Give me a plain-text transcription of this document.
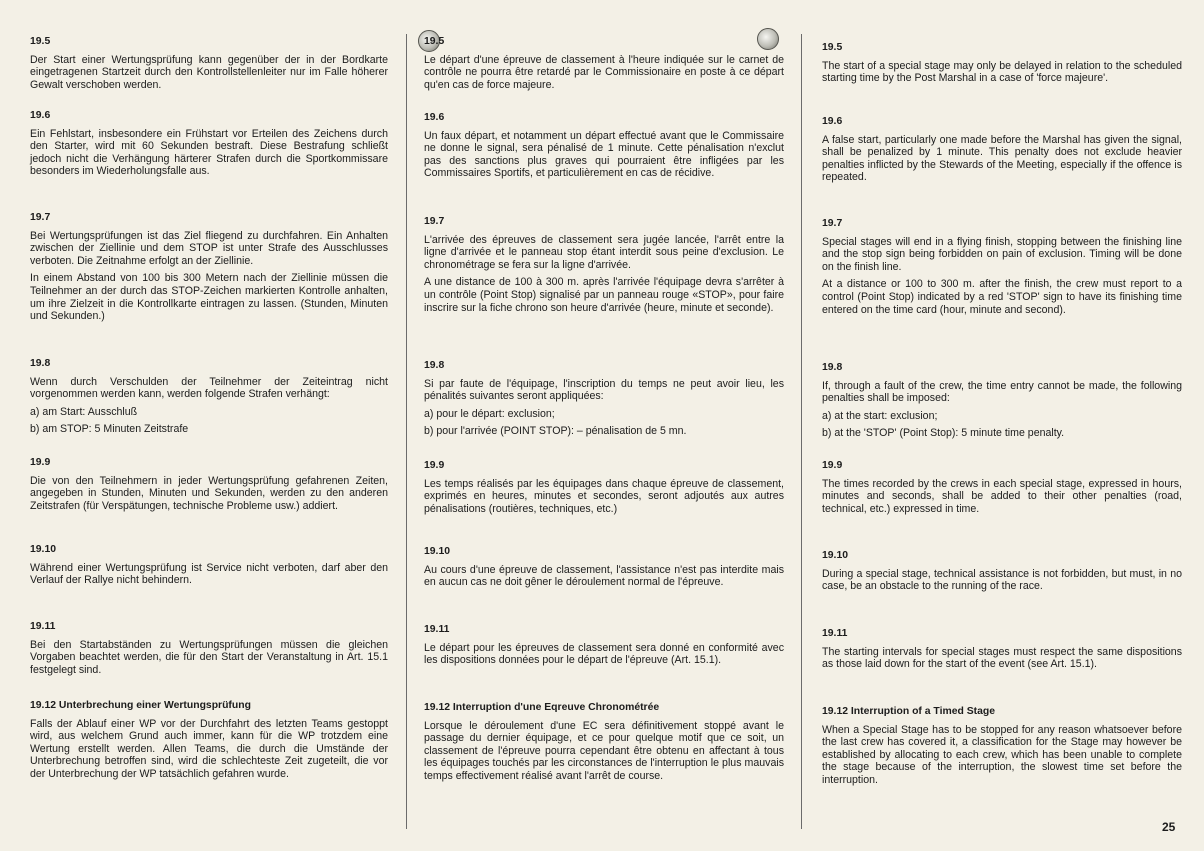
19.5
Der Start einer Wertungsprüfung kann gegenüber der in der Bordkarte eingetragenen Startzeit durch den Kontrollstellenleiter nur im Falle höherer Gewalt verschoben werden.
19.6
Ein Fehlstart, insbesondere ein Frühstart vor Erteilen des Zeichens durch den Starter, wird mit 60 Sekunden bestraft. Diese Bestrafung schließt jedoch nicht die Verhängung härterer Strafen durch die Sportkommissare besonders im Wiederholungsfalle aus.
19.7
Bei Wertungsprüfungen ist das Ziel fliegend zu durchfahren. Ein Anhalten zwischen der Ziellinie und dem STOP ist unter Strafe des Ausschlusses verboten. Die Zeitnahme erfolgt an der Ziellinie.
In einem Abstand von 100 bis 300 Metern nach der Ziellinie müssen die Teilnehmer an der durch das STOP-Zeichen markierten Kontrolle anhalten, um ihre Zielzeit in die Kontrollkarte eintragen zu lassen. (Stunden, Minuten und Sekunden.)
19.8
Wenn durch Verschulden der Teilnehmer der Zeiteintrag nicht vorgenommen werden kann, werden folgende Strafen verhängt:
a) am Start: Ausschluß
b) am STOP: 5 Minuten Zeitstrafe
19.9
Die von den Teilnehmern in jeder Wertungsprüfung gefahrenen Zeiten, angegeben in Stunden, Minuten und Sekunden, werden zu den anderen Zeitstrafen (für Verspätungen, technische Probleme usw.) addiert.
19.10
Während einer Wertungsprüfung ist Service nicht verboten, darf aber den Verlauf der Rallye nicht behindern.
19.11
Bei den Startabständen zu Wertungsprüfungen müssen die gleichen Vorgaben beachtet werden, die für den Start der Veranstaltung in Art. 15.1 festgelegt sind.
19.12 Unterbrechung einer Wertungsprüfung
Falls der Ablauf einer WP vor der Durchfahrt des letzten Teams gestoppt wird, aus welchem Grund auch immer, kann für die WP trotzdem eine Wertung erstellt werden. Allen Teams, die durch die Umstände der Unterbrechung betroffen sind, wird die schlechteste Zeit zugeteilt, die vor der Unterbrechung der WP tatsächlich gefahren wurde.
19.5
Le départ d'une épreuve de classement à l'heure indiquée sur le carnet de contrôle ne pourra être retardé par le Commissionaire en poste à ce départ qu'en cas de force majeure.
19.6
Un faux départ, et notamment un départ effectué avant que le Commissaire ne donne le signal, sera pénalisé de 1 minute. Cette pénalisation n'exclut pas des sanctions plus graves qui pourraient être infligées par les Commissaires Sportifs, et particulièrement en cas de récidive.
19.7
L'arrivée des épreuves de classement sera jugée lancée, l'arrêt entre la ligne d'arrivée et le panneau stop étant interdit sous peine d'exclusion. Le chronométrage se fera sur la ligne d'arrivée.
A une distance de 100 à 300 m. après l'arrivée l'équipage devra s'arrêter à un contrôle (Point Stop) signalisé par un panneau rouge «STOP», pour faire inscrire sur la fiche chrono son heure d'arrivée (heure, minute et seconde).
19.8
Si par faute de l'équipage, l'inscription du temps ne peut avoir lieu, les pénalités suivantes seront appliquées:
a) pour le départ: exclusion;
b) pour l'arrivée (POINT STOP): – pénalisation de 5 mn.
19.9
Les temps réalisés par les équipages dans chaque épreuve de classement, exprimés en heures, minutes et secondes, seront adjoutés aux autres pénalisations (routières, techniques, etc.)
19.10
Au cours d'une épreuve de classement, l'assistance n'est pas interdite mais en aucun cas ne doit gêner le déroulement normal de l'épreuve.
19.11
Le départ pour les épreuves de classement sera donné en conformité avec les dispositions données pour le départ de l'épreuve (Art. 15.1).
19.12 Interruption d'une Eqreuve Chronométrée
Lorsque le déroulement d'une EC sera définitivement stoppé avant le passage du dernier équipage, et ce pour quelque motif que ce soit, un classement de l'épreuve pourra cependant être obtenu en affectant à tous les équipages touchés par les circonstances de l'interruption le plus mauvais temps effectivement réalisé avant l'arrêt de course.
19.5
The start of a special stage may only be delayed in relation to the scheduled starting time by the Post Marshal in a case of 'force majeure'.
19.6
A false start, particularly one made before the Marshal has given the signal, shall be penalized by 1 minute. This penalty does not exclude heavier penalties inflicted by the Stewards of the Meeting, especially if the offence is repeated.
19.7
Special stages will end in a flying finish, stopping between the finishing line and the stop sign being forbidden on pain of exclusion. Timing will be done on the finish line.
At a distance or 100 to 300 m. after the finish, the crew must report to a control (Point Stop) indicated by a red 'STOP' sign to have its finishing time entered on the time card (hour, minute and second).
19.8
If, through a fault of the crew, the time entry cannot be made, the following penalties shall be imposed:
a) at the start: exclusion;
b) at the 'STOP' (Point Stop): 5 minute time penalty.
19.9
The times recorded by the crews in each special stage, expressed in hours, minutes and seconds, shall be added to their other penalties (road, technical, etc.) expressed in time.
19.10
During a special stage, technical assistance is not forbidden, but must, in no case, be an obstacle to the running of the race.
19.11
The starting intervals for special stages must respect the same dispositions as those laid down for the start of the event (see Art. 15.1).
19.12 Interruption of a Timed Stage
When a Special Stage has to be stopped for any reason whatsoever before the last crew has covered it, a classification for the Stage may however be established by allocating to each crew, which has been unable to complete the stage because of the interruption, the slowest time set before the interruption.
25
